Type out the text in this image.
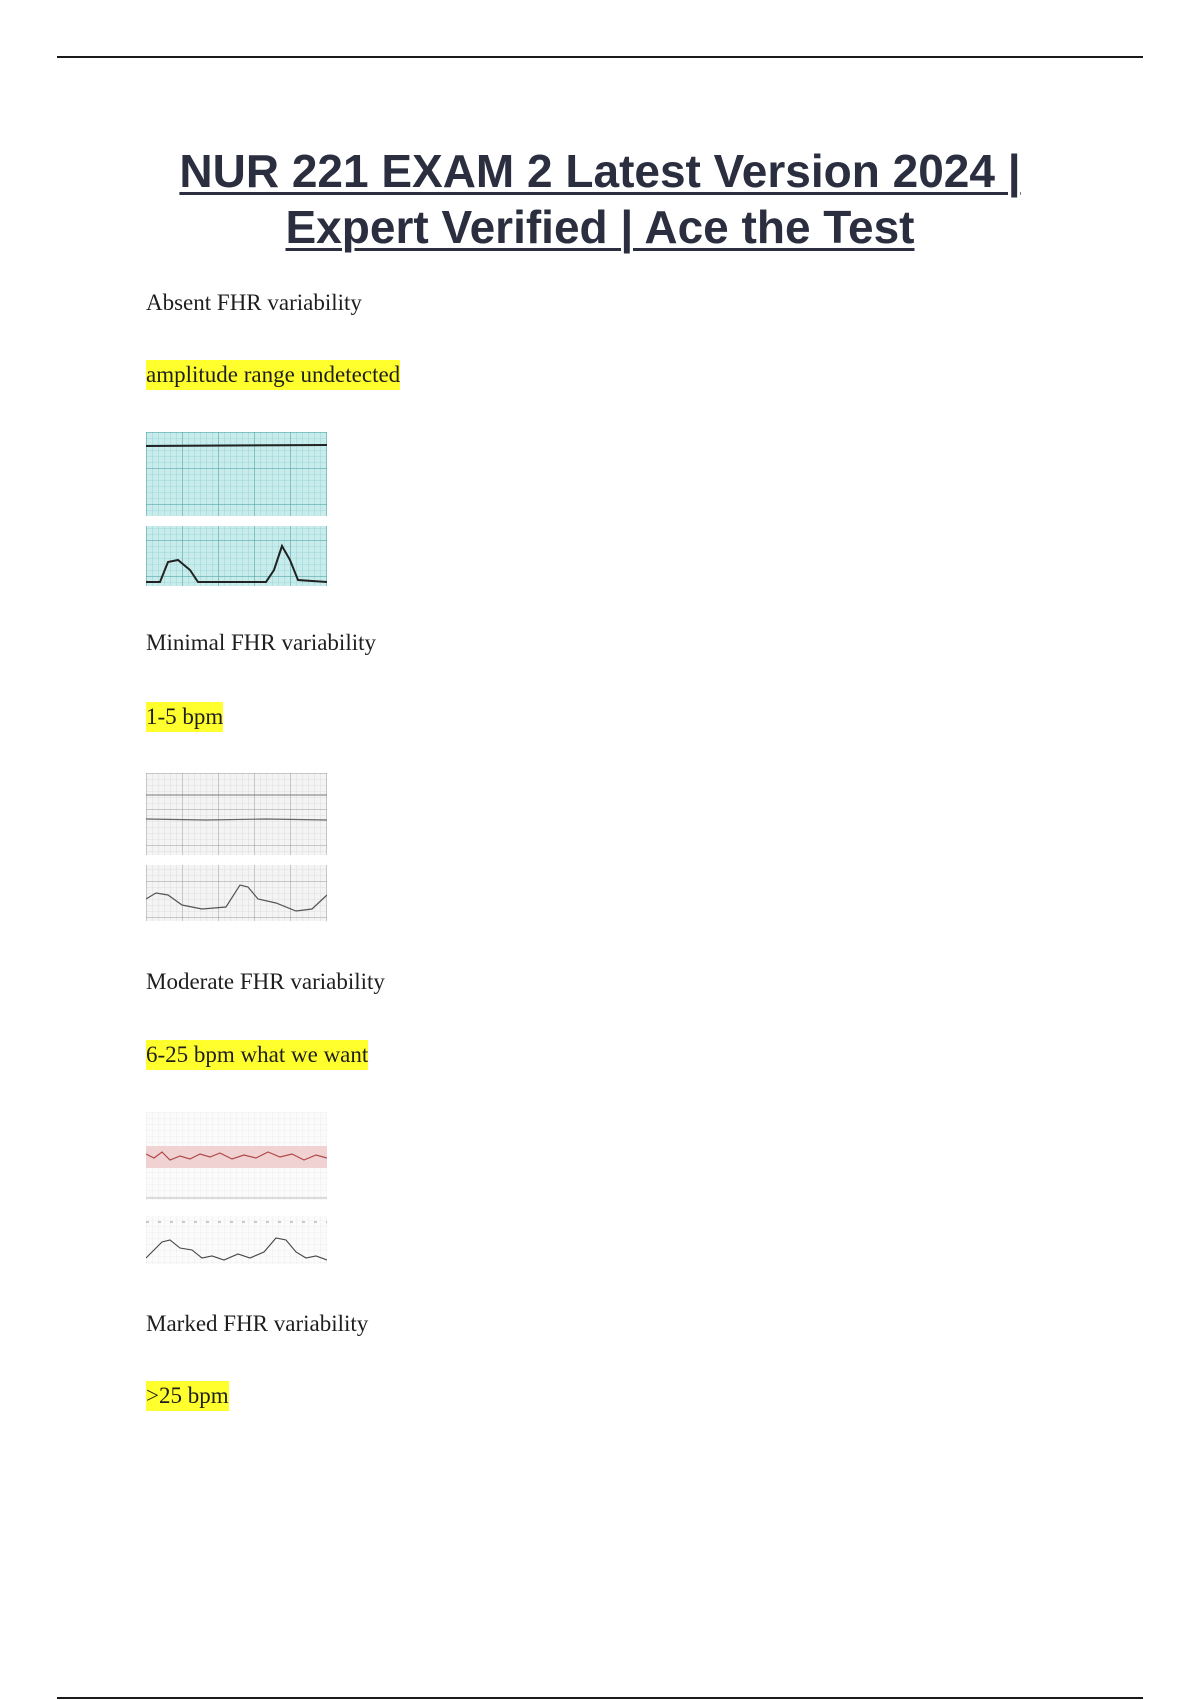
NUR 221 EXAM 2 Latest Version 2024 |
Expert Verified | Ace the Test
Absent FHR variability
amplitude range undetected
Minimal FHR variability
1-5 bpm
Moderate FHR variability
6-25 bpm what we want
Marked FHR variability
>25 bpm
